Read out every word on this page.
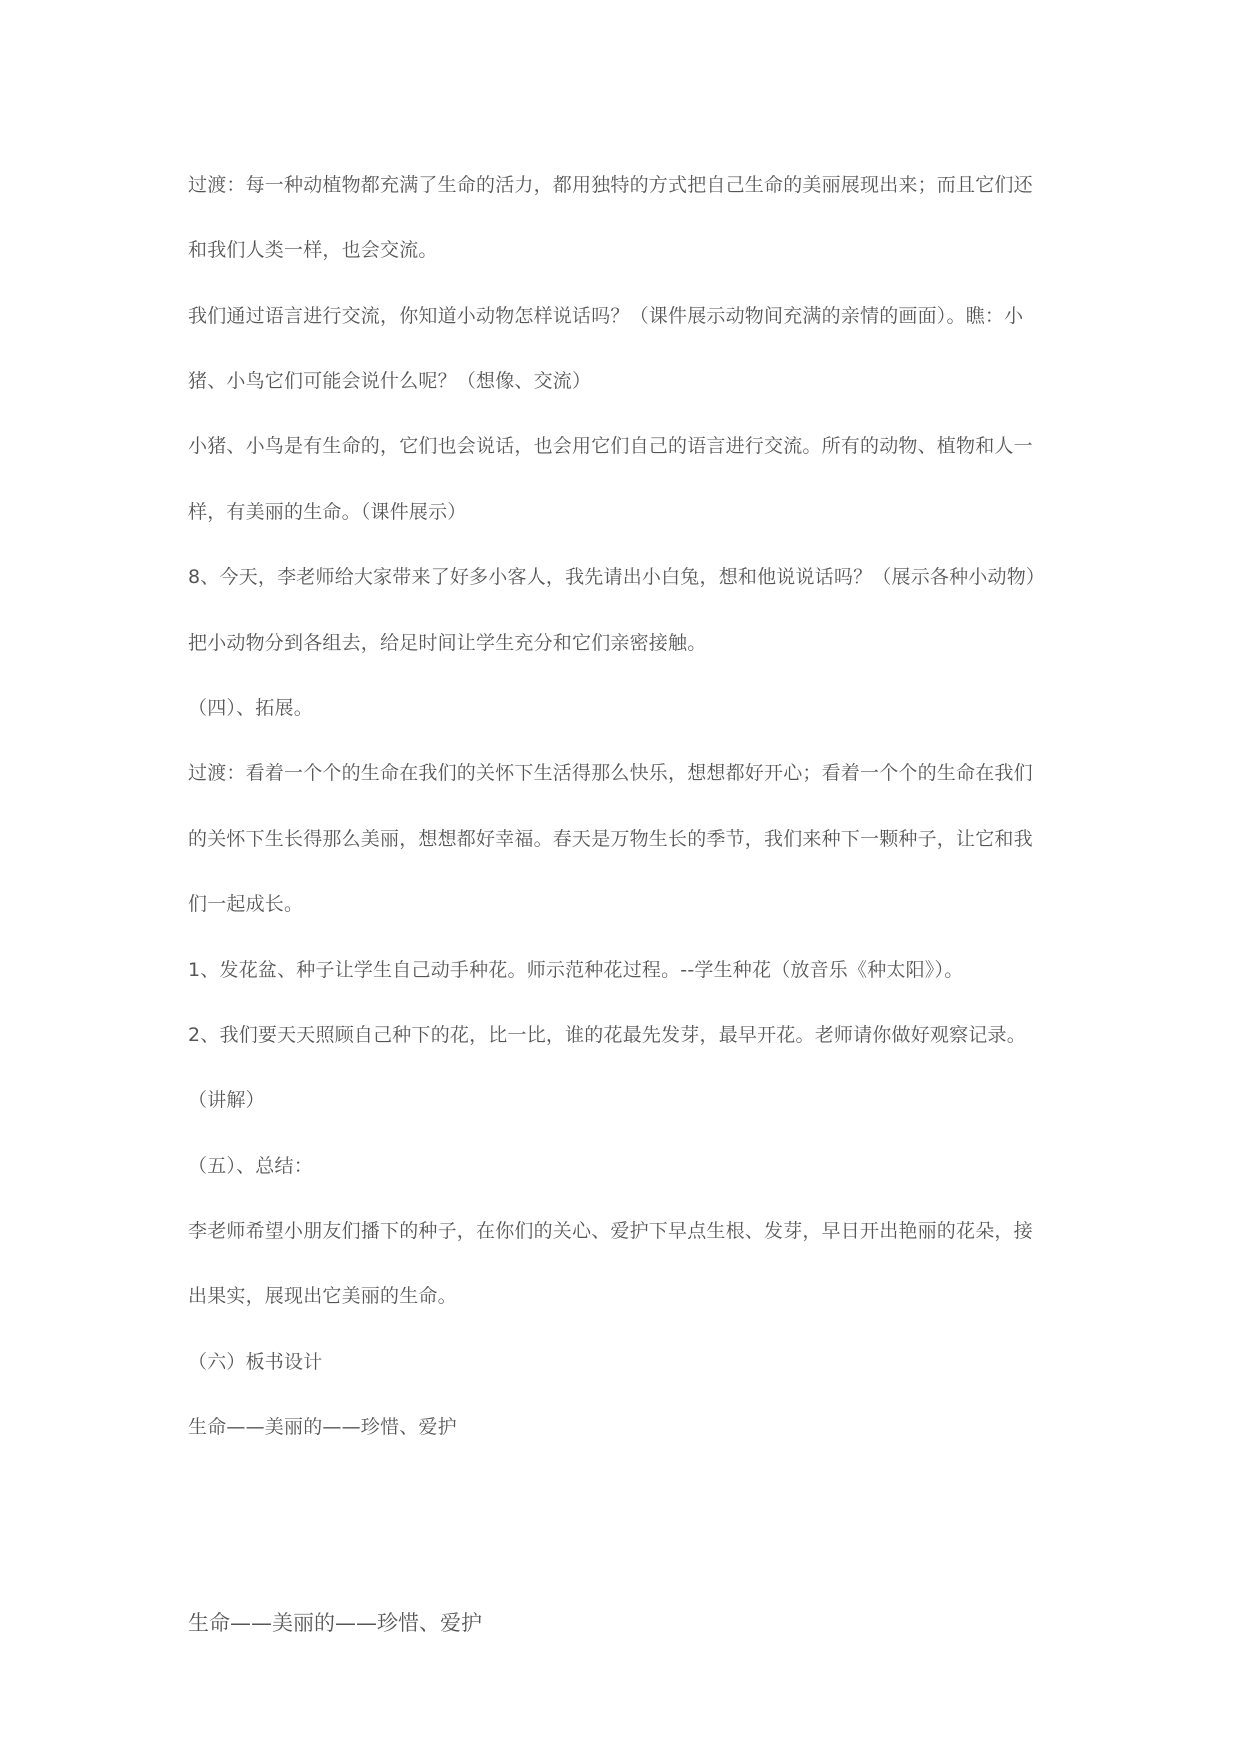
过渡：每一种动植物都充满了生命的活力，都用独特的方式把自己生命的美丽展现出来；而且它们还
和我们人类一样，也会交流。
我们通过语言进行交流，你知道小动物怎样说话吗？（课件展示动物间充满的亲情的画面）。瞧：小
猪、小鸟它们可能会说什么呢？（想像、交流）
小猪、小鸟是有生命的，它们也会说话，也会用它们自己的语言进行交流。所有的动物、植物和人一
样，有美丽的生命。（课件展示）
8、今天，李老师给大家带来了好多小客人，我先请出小白兔，想和他说说话吗？（展示各种小动物）
把小动物分到各组去，给足时间让学生充分和它们亲密接触。
（四）、拓展。
过渡：看着一个个的生命在我们的关怀下生活得那么快乐，想想都好开心；看着一个个的生命在我们
的关怀下生长得那么美丽，想想都好幸福。春天是万物生长的季节，我们来种下一颗种子，让它和我
们一起成长。
1、发花盆、种子让学生自己动手种花。师示范种花过程。--学生种花（放音乐《种太阳》）。
2、我们要天天照顾自己种下的花，比一比，谁的花最先发芽，最早开花。老师请你做好观察记录。
（讲解）
（五）、总结：
李老师希望小朋友们播下的种子，在你们的关心、爱护下早点生根、发芽，早日开出艳丽的花朵，接
出果实，展现出它美丽的生命。
（六）板书设计
生命——美丽的——珍惜、爱护
生命——美丽的——珍惜、爱护
